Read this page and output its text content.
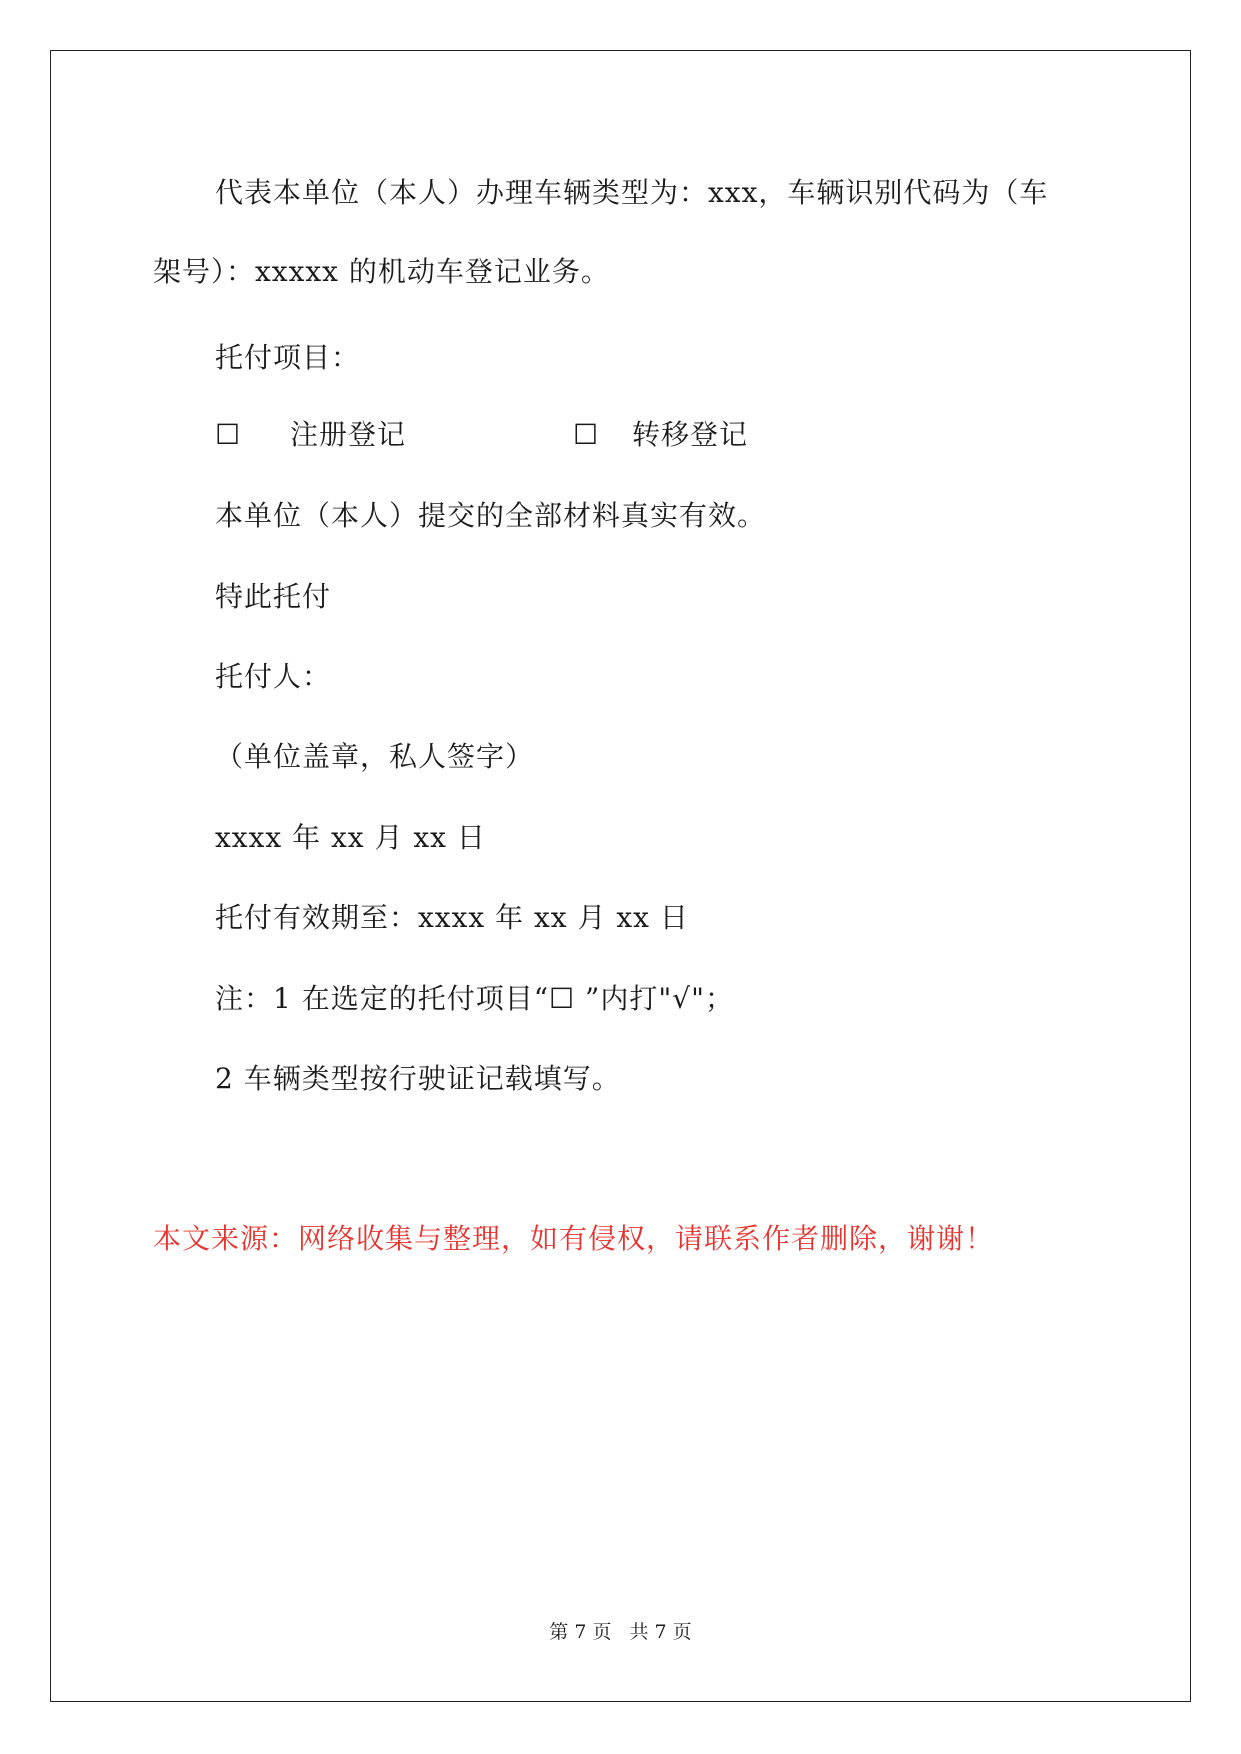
代表本单位（本人）办理车辆类型为：xxx，车辆识别代码为（车
架号）：xxxxx 的机动车登记业务。
托付项目：
☐ 注册登记	☐ 转移登记
本单位（本人）提交的全部材料真实有效。
特此托付
托付人：
（单位盖章，私人签字）
xxxx 年 xx 月 xx 日
托付有效期至：xxxx 年 xx 月 xx 日
注：1 在选定的托付项目“☐ ”内打"√"；
2 车辆类型按行驶证记载填写。
本文来源：网络收集与整理，如有侵权，请联系作者删除，谢谢！
第 7 页 共 7 页
